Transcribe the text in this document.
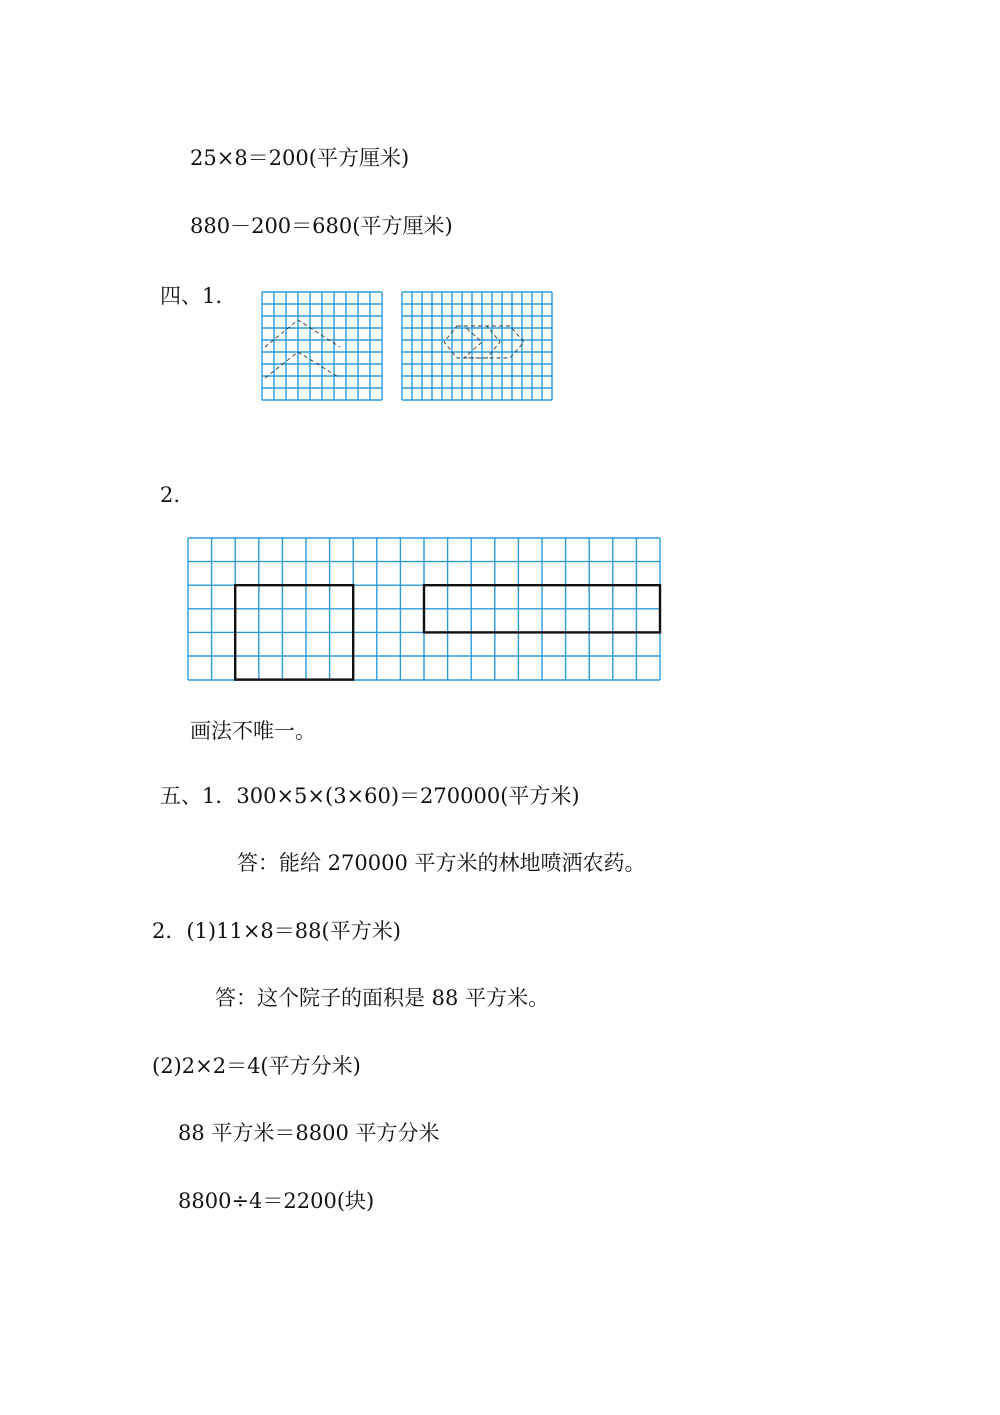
25×8＝200(平方厘米)
880－200＝680(平方厘米)
四、1.
2.
画法不唯一。
五、1．300×5×(3×60)＝270000(平方米)
答：能给 270000 平方米的林地喷洒农药。
2．(1)11×8＝88(平方米)
答：这个院子的面积是 88 平方米。
(2)2×2＝4(平方分米)
88 平方米＝8800 平方分米
8800÷4＝2200(块)
